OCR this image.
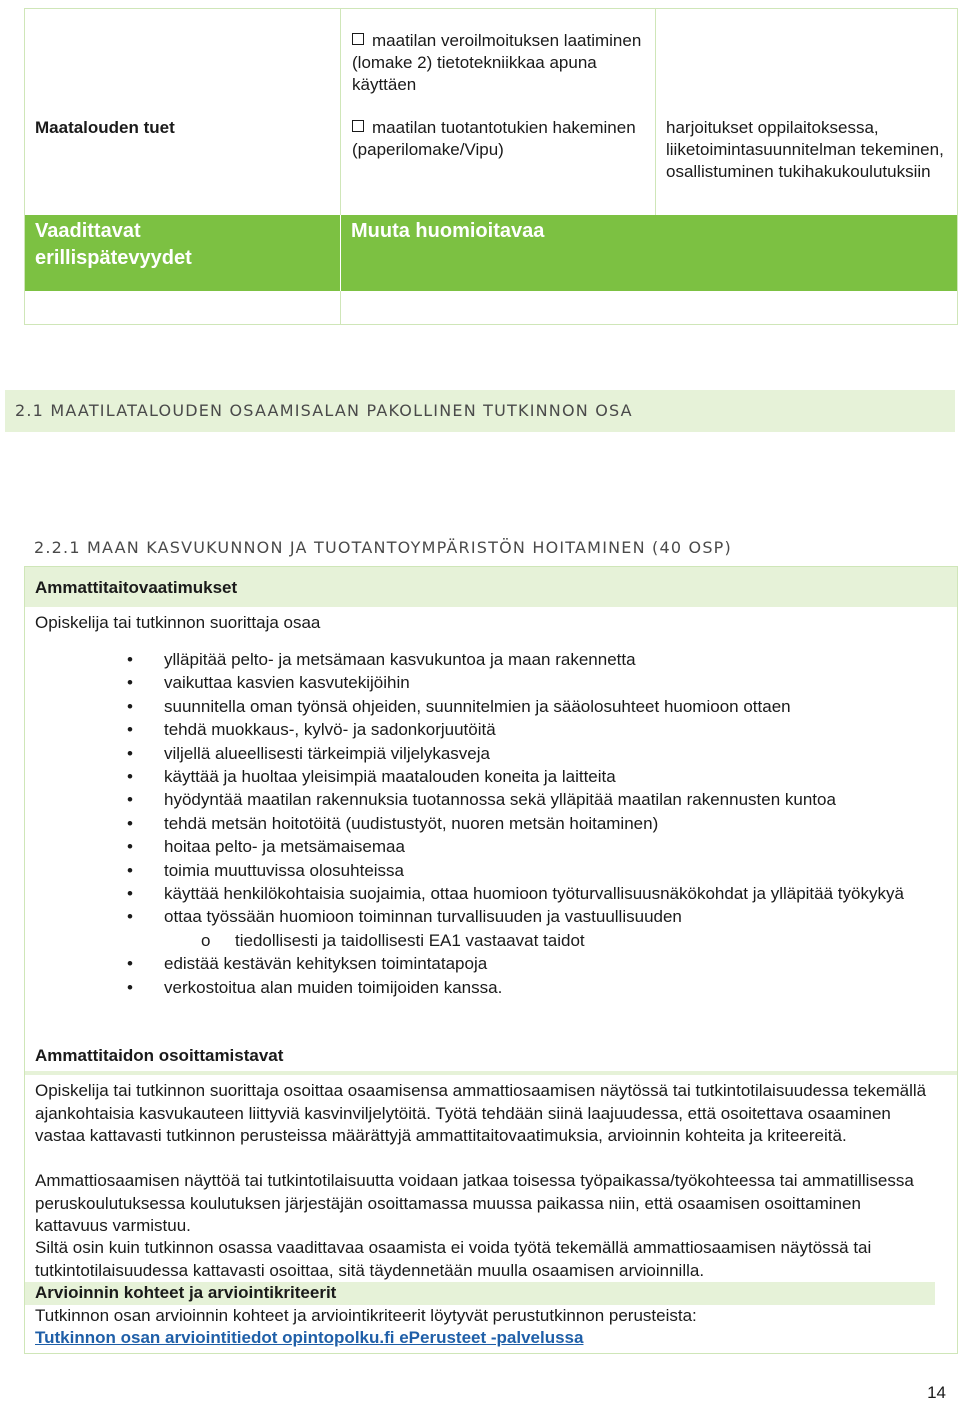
maatilan veroilmoituksen laatiminen (lomake 2) tietotekniikkaa apuna käyttäen
Maatalouden tuet	maatilan tuotantotukien hakeminen (paperilomake/Vipu)
harjoitukset oppilaitoksessa, liiketoimintasuunnitelman tekeminen, osallistuminen tukihakukoulutuksiin
Vaadittavat erillispätevyydet
Muuta huomioitavaa
2.1 MAATILATALOUDEN OSAAMISALAN PAKOLLINEN TUTKINNON OSA
2.2.1 MAAN KASVUKUNNON JA TUOTANTOYMPÄRISTÖN HOITAMINEN (40 OSP)
Ammattitaitovaatimukset
Opiskelija tai tutkinnon suorittaja osaa
• ylläpitää pelto- ja metsämaan kasvukuntoa ja maan rakennetta
• vaikuttaa kasvien kasvutekijöihin
• suunnitella oman työnsä ohjeiden, suunnitelmien ja sääolosuhteet huomioon ottaen
• tehdä muokkaus-, kylvö- ja sadonkorjuutöitä
• viljellä alueellisesti tärkeimpiä viljelykasveja
• käyttää ja huoltaa yleisimpiä maatalouden koneita ja laitteita
• hyödyntää maatilan rakennuksia tuotannossa sekä ylläpitää maatilan rakennusten kuntoa
• tehdä metsän hoitotöitä (uudistustyöt, nuoren metsän hoitaminen)
• hoitaa pelto- ja metsämaisemaa
• toimia muuttuvissa olosuhteissa
• käyttää henkilökohtaisia suojaimia, ottaa huomioon työturvallisuusnäkökohdat ja ylläpitää työkykyä
• ottaa työssään huomioon toiminnan turvallisuuden ja vastuullisuuden
o tiedollisesti ja taidollisesti EA1 vastaavat taidot
• edistää kestävän kehityksen toimintatapoja
• verkostoitua alan muiden toimijoiden kanssa.
Ammattitaidon osoittamistavat
Opiskelija tai tutkinnon suorittaja osoittaa osaamisensa ammattiosaamisen näytössä tai tutkintotilaisuudessa tekemällä ajankohtaisia kasvukauteen liittyviä kasvinviljelytöitä. Työtä tehdään siinä laajuudessa, että osoitettava osaaminen vastaa kattavasti tutkinnon perusteissa määrättyjä ammattitaitovaatimuksia, arvioinnin kohteita ja kriteereitä.
Ammattiosaamisen näyttöä tai tutkintotilaisuutta voidaan jatkaa toisessa työpaikassa/työkohteessa tai ammatillisessa peruskoulutuksessa koulutuksen järjestäjän osoittamassa muussa paikassa niin, että osaamisen osoittaminen kattavuus varmistuu.
Siltä osin kuin tutkinnon osassa vaadittavaa osaamista ei voida työtä tekemällä ammattiosaamisen näytössä tai tutkintotilaisuudessa kattavasti osoittaa, sitä täydennetään muulla osaamisen arvioinnilla.
Arvioinnin kohteet ja arviointikriteerit
Tutkinnon osan arvioinnin kohteet ja arviointikriteerit löytyvät perustutkinnon perusteista:
Tutkinnon osan arviointitiedot opintopolku.fi ePerusteet -palvelussa
14
